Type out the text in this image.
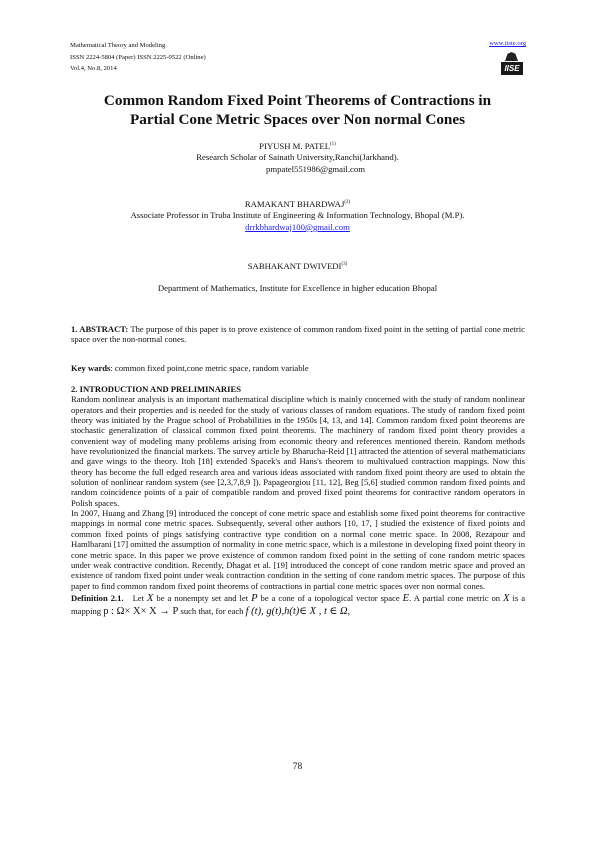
Mathematical Theory and Modeling
ISSN 2224-5804 (Paper) ISSN 2225-0522 (Online)
Vol.4, No.8, 2014
www.iiste.org
IISE
Common Random Fixed Point Theorems of Contractions in
Partial Cone Metric Spaces over Non normal Cones
PIYUSH M. PATEL$^{(1)}$
Research Scholar of Sainath University,Ranchi(Jarkhand).
pmpatel551986@gmail.com
RAMAKANT BHARDWAJ$^{(2)}$
Associate Professor in Truba Institute of Engineering & Information Technology, Bhopal (M.P).
drrkbhardwaj100@gmail.com
SABHAKANT DWIVEDI$^{(3)}$
Department of Mathematics, Institute for Excellence in higher education Bhopal

1. ABSTRACT: The purpose of this paper is to prove existence of common random fixed point in the setting of partial cone metric space over the non-normal cones.

Key wards: common fixed point,cone metric space, random variable

2. INTRODUCTION AND PRELIMINARIES

Random nonlinear analysis is an important mathematical discipline which is mainly concerned with the study of random nonlinear operators and their properties and is needed for the study of various classes of random equations. The study of random fixed point theory was initiated by the Prague school of Probabilities in the 1950s [4, 13, and 14]. Common random fixed point theorems are stochastic generalization of classical common fixed point theorems. The machinery of random fixed point theory provides a convenient way of modeling many problems arising from economic theory and references mentioned therein. Random methods have revolutionized the financial markets. The survey article by Bharucha-Reid [1] attracted the attention of several mathematicians and gave wings to the theory. Itoh [18] extended Spacek's and Hans's theorem to multivalued contraction mappings. Now this theory has become the full edged research area and various ideas associated with random fixed point theory are used to obtain the solution of nonlinear random system (see [2,3,7,8,9 ]). Papageorgiou [11, 12], Beg [5,6] studied common random fixed points and random coincidence points of a pair of compatible random and proved fixed point theorems for contractive random operators in Polish spaces.

In 2007, Huang and Zhang [9] introduced the concept of cone metric space and establish some fixed point theorems for contractive mappings in normal cone metric spaces. Subsequently, several other authors [10, 17, ] studied the existence of fixed points and common fixed points of pings satisfying contractive type condition on a normal cone metric space. In 2008, Rezapour and Hamlbarani [17] omitted the assumption of normality in cone metric space, which is a milestone in developing fixed point theory in cone metric space. In this paper we prove existence of common random fixed point in the setting of cone random metric spaces under weak contractive condition. Recently, Dhagat et al. [19] introduced the concept of cone random metric space and proved an existence of random fixed point under weak contraction condition in the setting of cone random metric spaces. The purpose of this paper to find common random fixed point theorems of contractions in partial cone metric spaces over non normal cones.

Definition 2.1. Let X be a nonempty set and let P be a cone of a topological vector space E. A partial cone metric on X is a mapping p : Ω× X× X → P such that, for each f (t), g(t),h(t)∈ X , t ∈ Ω,

78
